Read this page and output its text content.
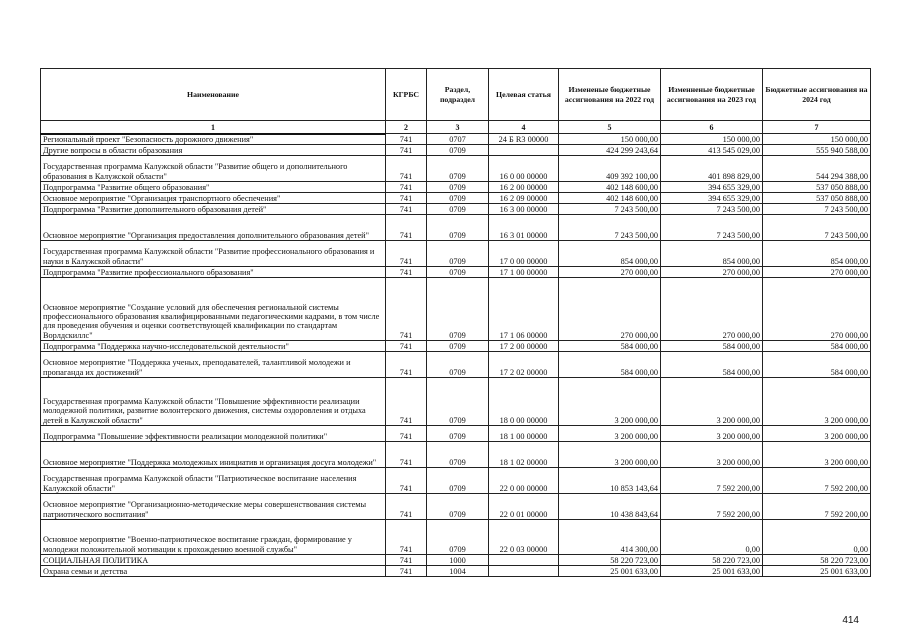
Наименование	КГРБС	Раздел, подраздел	Целевая статья	Измененые бюджетные ассигнования на 2022 год	Изменненые бюджетные ассигнования на 2023 год	Бюджетные ассигнования на 2024 год
1	2	3	4	5	6	7
Региональный проект "Безопасность дорожного движения"	741	0707	24 Б R3 00000	150 000,00	150 000,00	150 000,00
Другие вопросы в области образования	741	0709		424 299 243,64	413 545 029,00	555 940 588,00
Государственная программа Калужской области "Развитие общего и дополнительного образования в Калужской области"	741	0709	16 0 00 00000	409 392 100,00	401 898 829,00	544 294 388,00
Подпрограмма "Развитие общего образования"	741	0709	16 2 00 00000	402 148 600,00	394 655 329,00	537 050 888,00
Основное мероприятие "Организация транспортного обеспечения"	741	0709	16 2 09 00000	402 148 600,00	394 655 329,00	537 050 888,00
Подпрограмма "Развитие дополнительного образования детей"	741	0709	16 3 00 00000	7 243 500,00	7 243 500,00	7 243 500,00
Основное мероприятие "Организация предоставления дополнительного образования детей"	741	0709	16 3 01 00000	7 243 500,00	7 243 500,00	7 243 500,00
Государственная программа Калужской области "Развитие профессионального образования и науки в Калужской области"	741	0709	17 0 00 00000	854 000,00	854 000,00	854 000,00
Подпрограмма "Развитие профессионального образования"	741	0709	17 1 00 00000	270 000,00	270 000,00	270 000,00
Основное мероприятие "Создание условий для обеспечения региональной системы профессионального образования квалифицированными педагогическими кадрами, в том числе для проведения обучения и оценки соответствующей квалификации по стандартам Ворлдскиллс"	741	0709	17 1 06 00000	270 000,00	270 000,00	270 000,00
Подпрограмма "Поддержка научно-исследовательской деятельности"	741	0709	17 2 00 00000	584 000,00	584 000,00	584 000,00
Основное мероприятие "Поддержка ученых, преподавателей, талантливой молодежи и пропаганда их достижений"	741	0709	17 2 02 00000	584 000,00	584 000,00	584 000,00
Государственная программа Калужской области "Повышение эффективности реализации молодежной политики, развитие волонтерского движения, системы оздоровления и отдыха детей в Калужской области"	741	0709	18 0 00 00000	3 200 000,00	3 200 000,00	3 200 000,00
Подпрограмма "Повышение эффективности реализации молодежной политики"	741	0709	18 1 00 00000	3 200 000,00	3 200 000,00	3 200 000,00
Основное мероприятие "Поддержка молодежных инициатив и организация досуга молодежи"	741	0709	18 1 02 00000	3 200 000,00	3 200 000,00	3 200 000,00
Государственная программа Калужской области "Патриотическое воспитание населения Калужской области"	741	0709	22 0 00 00000	10 853 143,64	7 592 200,00	7 592 200,00
Основное мероприятие "Организационно-методические меры совершенствования системы патриотического воспитания"	741	0709	22 0 01 00000	10 438 843,64	7 592 200,00	7 592 200,00
Основное мероприятие "Военно-патриотическое воспитание граждан, формирование у молодежи положительной мотивации к прохождению военной службы"	741	0709	22 0 03 00000	414 300,00	0,00	0,00
СОЦИАЛЬНАЯ ПОЛИТИКА	741	1000		58 220 723,00	58 220 723,00	58 220 723,00
Охрана семьи и детства	741	1004		25 001 633,00	25 001 633,00	25 001 633,00
414
